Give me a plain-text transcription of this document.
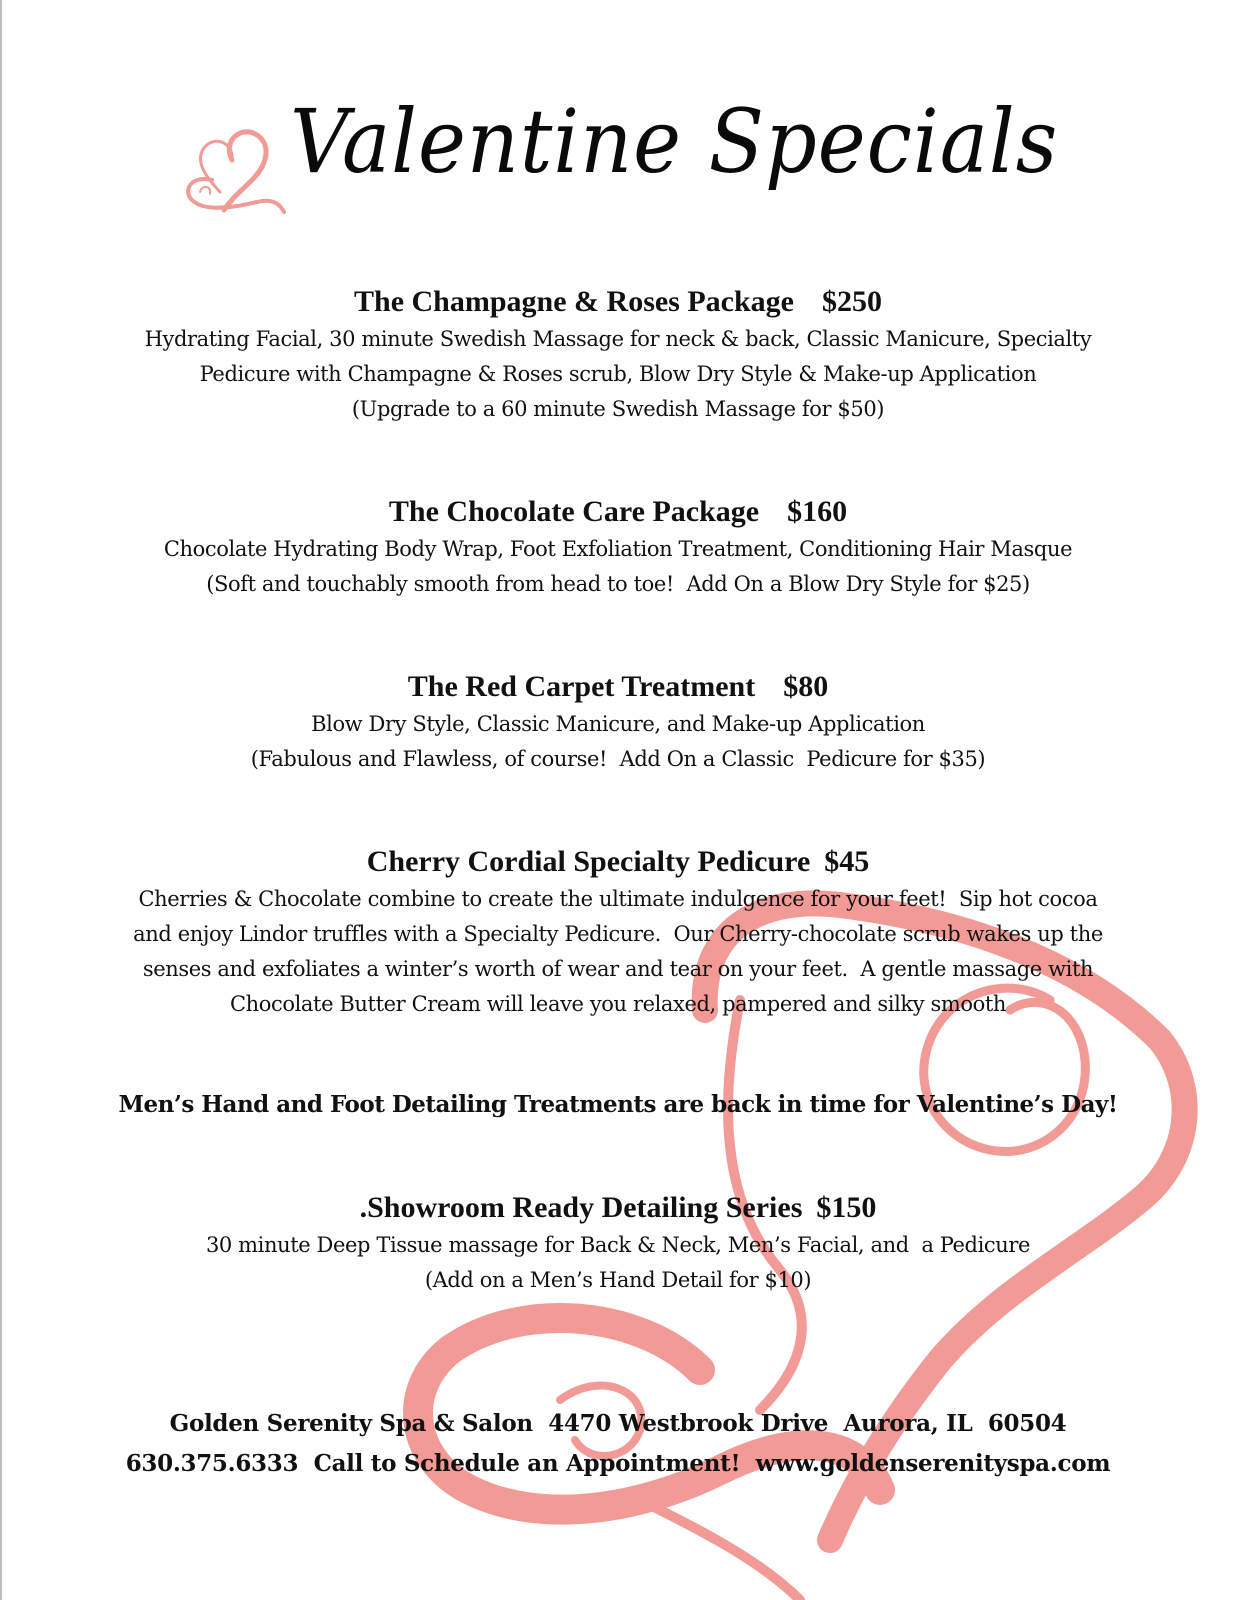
Valentine Specials
The Champagne & Roses Package $250
Hydrating Facial, 30 minute Swedish Massage for neck & back, Classic Manicure, Specialty
Pedicure with Champagne & Roses scrub, Blow Dry Style & Make-up Application
(Upgrade to a 60 minute Swedish Massage for $50)
The Chocolate Care Package $160
Chocolate Hydrating Body Wrap, Foot Exfoliation Treatment, Conditioning Hair Masque
(Soft and touchably smooth from head to toe!  Add On a Blow Dry Style for $25)
The Red Carpet Treatment $80
Blow Dry Style, Classic Manicure, and Make-up Application
(Fabulous and Flawless, of course!  Add On a Classic  Pedicure for $35)
Cherry Cordial Specialty Pedicure $45
Cherries & Chocolate combine to create the ultimate indulgence for your feet!  Sip hot cocoa
and enjoy Lindor truffles with a Specialty Pedicure.  Our Cherry-chocolate scrub wakes up the
senses and exfoliates a winter’s worth of wear and tear on your feet.  A gentle massage with
Chocolate Butter Cream will leave you relaxed, pampered and silky smooth
Men’s Hand and Foot Detailing Treatments are back in time for Valentine’s Day!
.Showroom Ready Detailing Series $150
30 minute Deep Tissue massage for Back & Neck, Men’s Facial, and  a Pedicure
(Add on a Men’s Hand Detail for $10)
Golden Serenity Spa & Salon  4470 Westbrook Drive  Aurora, IL  60504
630.375.6333  Call to Schedule an Appointment!  www.goldenserenityspa.com
